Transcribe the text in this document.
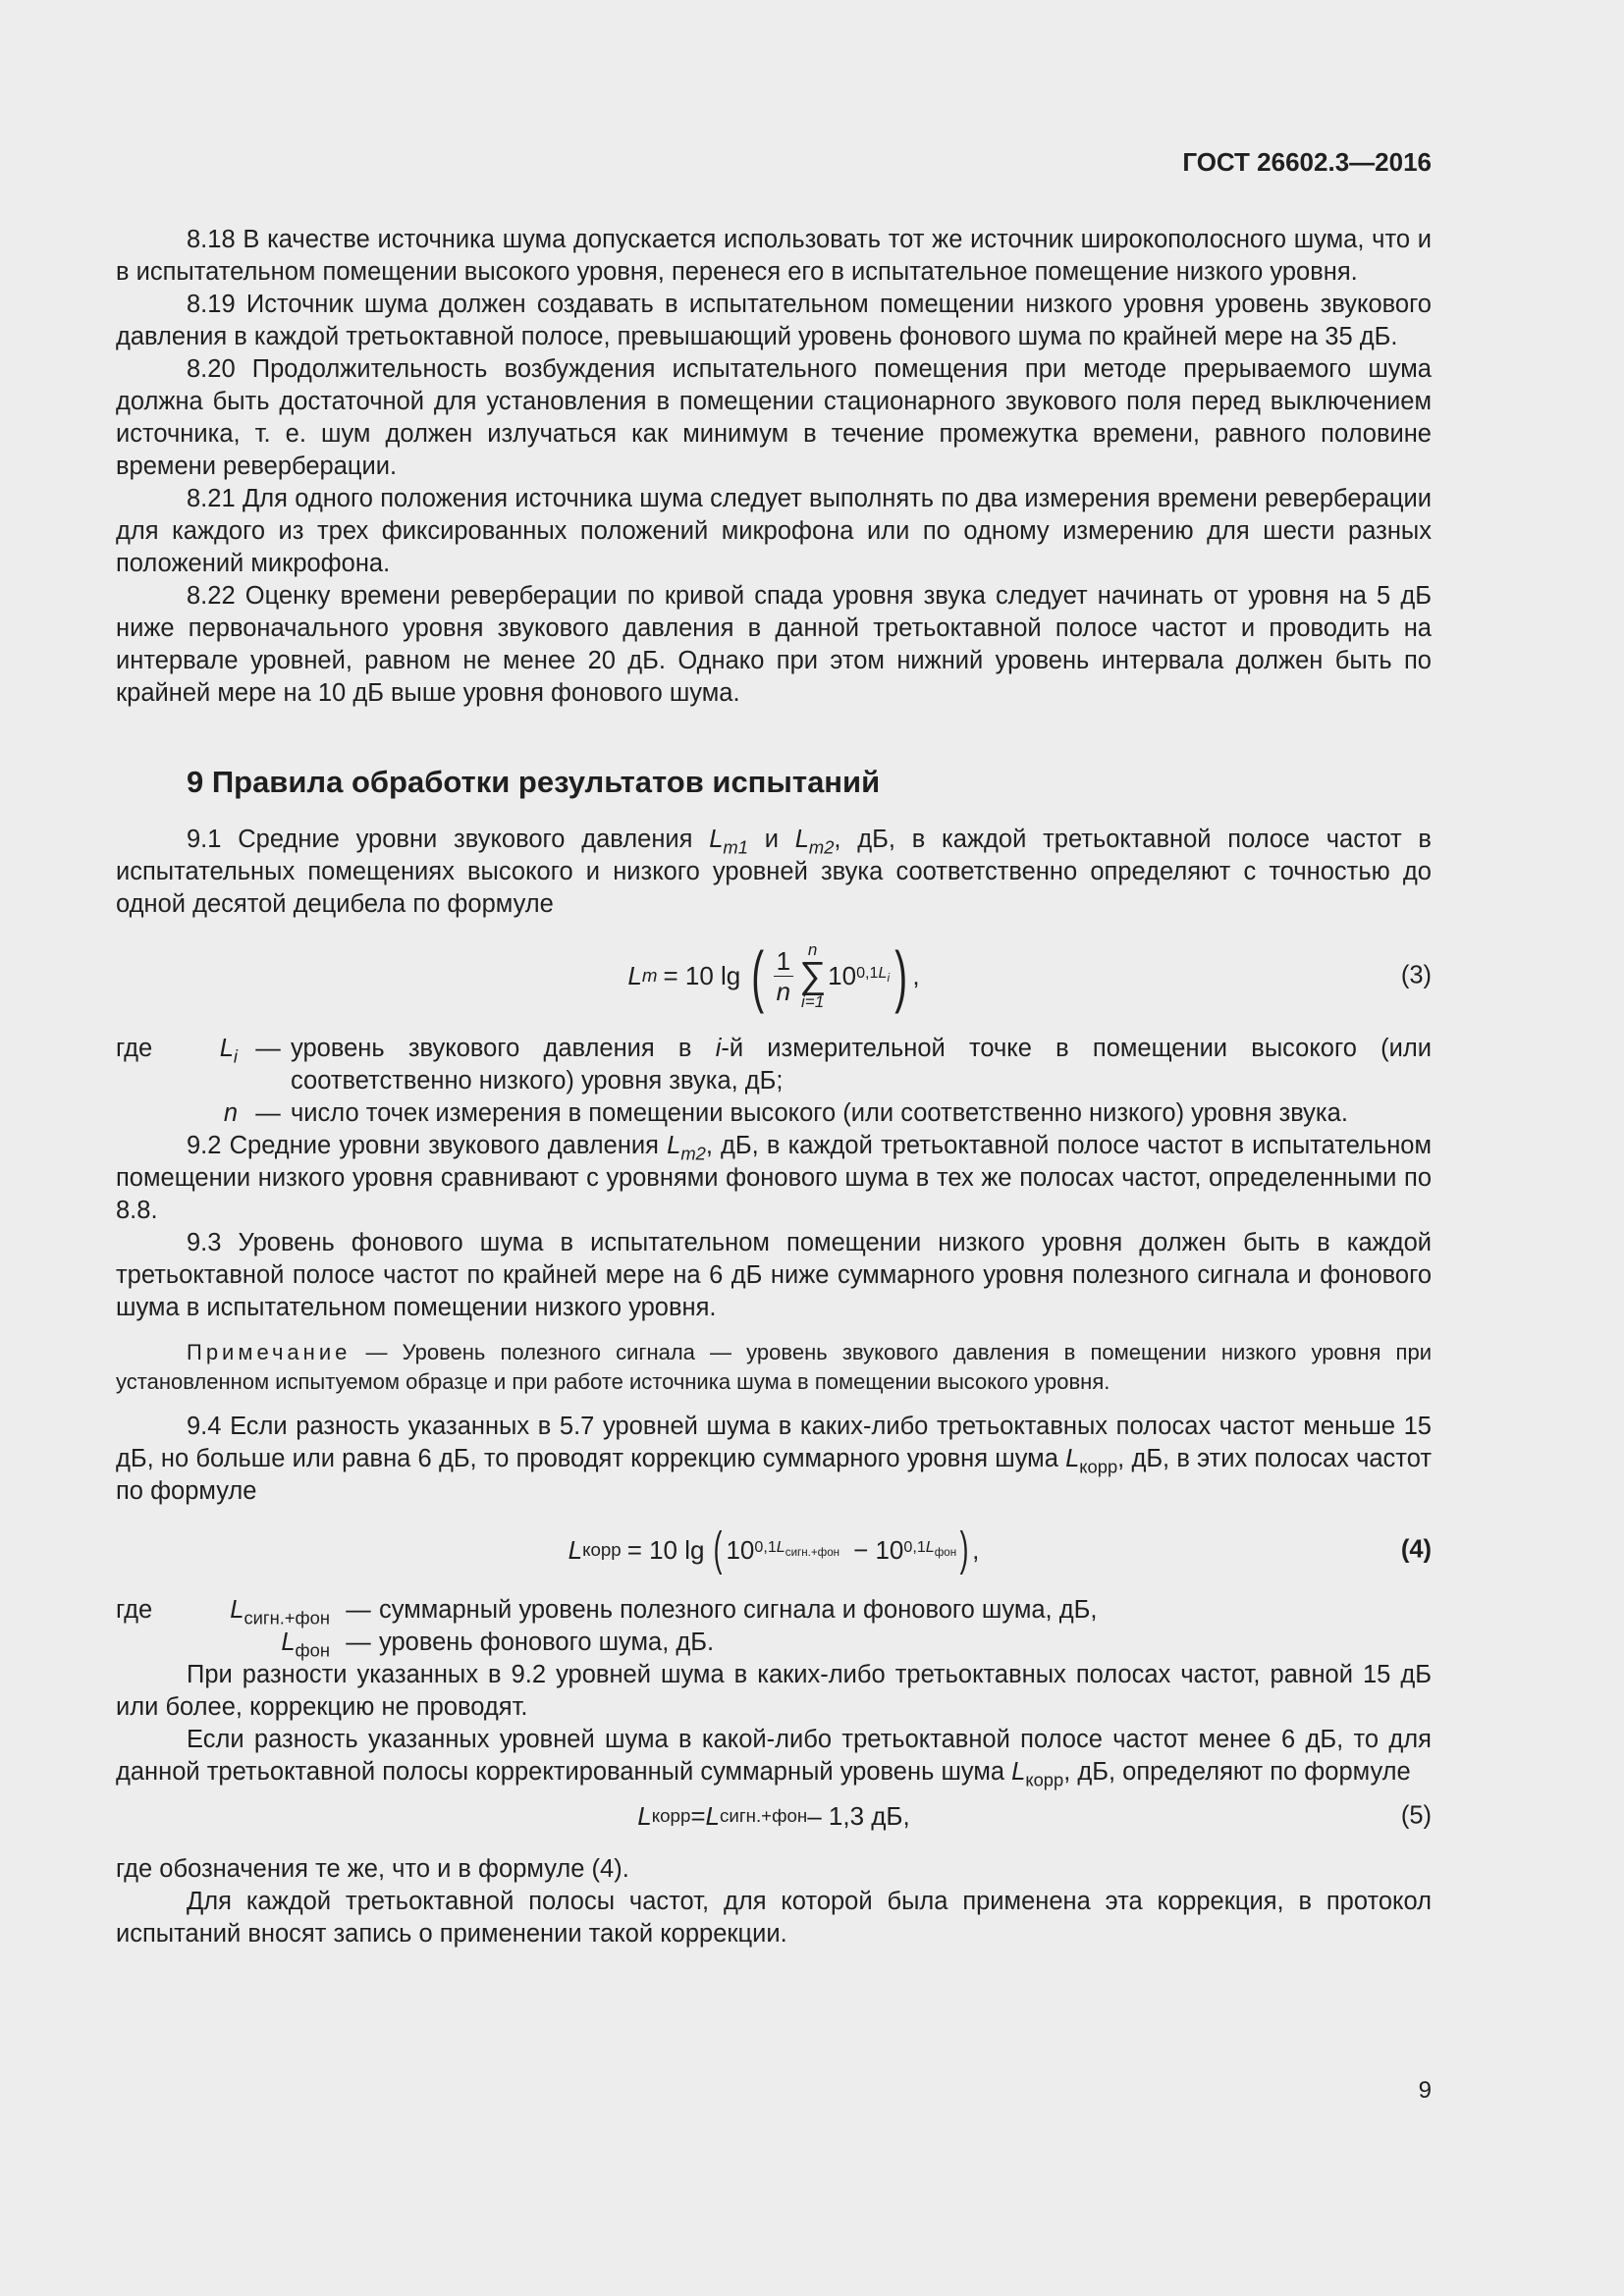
ГОСТ 26602.3—2016

8.18 В качестве источника шума допускается использовать тот же источник широкополосного шума, что и в испытательном помещении высокого уровня, перенеся его в испытательное помещение низкого уровня.

8.19 Источник шума должен создавать в испытательном помещении низкого уровня уровень звукового давления в каждой третьоктавной полосе, превышающий уровень фонового шума по крайней мере на 35 дБ.

8.20 Продолжительность возбуждения испытательного помещения при методе прерываемого шума должна быть достаточной для установления в помещении стационарного звукового поля перед выключением источника, т. е. шум должен излучаться как минимум в течение промежутка времени, равного половине времени реверберации.

8.21 Для одного положения источника шума следует выполнять по два измерения времени реверберации для каждого из трех фиксированных положений микрофона или по одному измерению для шести разных положений микрофона.

8.22 Оценку времени реверберации по кривой спада уровня звука следует начинать от уровня на 5 дБ ниже первоначального уровня звукового давления в данной третьоктавной полосе частот и проводить на интервале уровней, равном не менее 20 дБ. Однако при этом нижний уровень интервала должен быть по крайней мере на 10 дБ выше уровня фонового шума.

9 Правила обработки результатов испытаний

9.1 Средние уровни звукового давления $L_{m1}$ и $L_{m2}$, дБ, в каждой третьоктавной полосе частот в испытательных помещениях высокого и низкого уровней звука соответственно определяют с точностью до одной десятой децибела по формуле

L m = 10 lg ( $\frac{1}{n}$ n
∑
i=1
10 $0,1L_i$ ) ,	(3)
где	$L_i$ — уровень звукового давления в i-й измерительной точке в помещении высокого (или соответственно низкого) уровня звука, дБ;
n — число точек измерения в помещении высокого (или соответственно низкого) уровня звука.

9.2 Средние уровни звукового давления $L_{m2}$, дБ, в каждой третьоктавной полосе частот в испытательном помещении низкого уровня сравнивают с уровнями фонового шума в тех же полосах частот, определенными по 8.8.

9.3 Уровень фонового шума в испытательном помещении низкого уровня должен быть в каждой третьоктавной полосе частот по крайней мере на 6 дБ ниже суммарного уровня полезного сигнала и фонового шума в испытательном помещении низкого уровня.

Примечание — Уровень полезного сигнала — уровень звукового давления в помещении низкого уровня при установленном испытуемом образце и при работе источника шума в помещении высокого уровня.

9.4 Если разность указанных в 5.7 уровней шума в каких-либо третьоктавных полосах частот меньше 15 дБ, но больше или равна 6 дБ, то проводят коррекцию суммарного уровня шума $L_{корр}$, дБ, в этих полосах частот по формуле

L корр = 10 lg ( 10 $0,1L_{сигн.+фон} - 10$ $0,1L_{фон}$ ) ,	(4)
где	$L_{сигн.+фон}$ — суммарный уровень полезного сигнала и фонового шума, дБ,
$L_{фон}$ — уровень фонового шума, дБ.

При разности указанных в 9.2 уровней шума в каких-либо третьоктавных полосах частот, равной 15 дБ или более, коррекцию не проводят.

Если разность указанных уровней шума в какой-либо третьоктавной полосе частот менее 6 дБ, то для данной третьоктавной полосы корректированный суммарный уровень шума $L_{корр}$, дБ, определяют по формуле

L корр = L сигн.+фон – 1,3 дБ,	(5)

где обозначения те же, что и в формуле (4).

Для каждой третьоктавной полосы частот, для которой была применена эта коррекция, в протокол испытаний вносят запись о применении такой коррекции.

9
